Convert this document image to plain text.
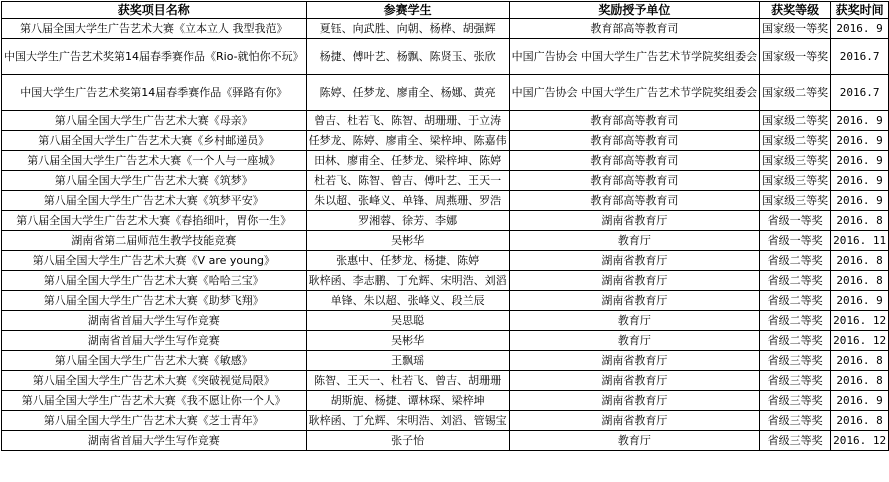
获奖项目名称	参赛学生	奖励授予单位	获奖等级	获奖时间
第八届全国大学生广告艺术大赛《立本立人 我型我范》	夏钰、向武胜、向朝、杨桦、胡强辉	教育部高等教育司	国家级一等奖	2016. 9
中国大学生广告艺术奖第14届春季赛作品《Rio-就怕你不玩》	杨捷、傅叶艺、杨飘、陈贤玉、张欣	中国广告协会 中国大学生广告艺术节学院奖组委会	国家级一等奖	2016.7
中国大学生广告艺术奖第14届春季赛作品《驿路有你》	陈婷、任梦龙、廖甫全、杨娜、黄亮	中国广告协会 中国大学生广告艺术节学院奖组委会	国家级二等奖	2016.7
第八届全国大学生广告艺术大赛《母亲》	曾吉、杜若飞、陈智、胡珊珊、于立涛	教育部高等教育司	国家级二等奖	2016. 9
第八届全国大学生广告艺术大赛《乡村邮递员》	任梦龙、陈婷、廖甫全、梁梓坤、陈嘉伟	教育部高等教育司	国家级二等奖	2016. 9
第八届全国大学生广告艺术大赛《一个人与一座城》	田林、廖甫全、任梦龙、梁梓坤、陈婷	教育部高等教育司	国家级三等奖	2016. 9
第八届全国大学生广告艺术大赛《筑梦》	杜若飞、陈智、曾吉、傅叶艺、王天一	教育部高等教育司	国家级三等奖	2016. 9
第八届全国大学生广告艺术大赛《筑梦平安》	朱以超、张峰义、单锋、周燕珊、罗浩	教育部高等教育司	国家级三等奖	2016. 9
第八届全国大学生广告艺术大赛《春掐细叶，胃你一生》	罗湘蓉、徐芳、李娜	湖南省教育厅	省级一等奖	2016. 8
湖南省第二届师范生教学技能竞赛	吴彬华	教育厅	省级一等奖	2016. 11
第八届全国大学生广告艺术大赛《V are young》	张惠中、任梦龙、杨捷、陈婷	湖南省教育厅	省级二等奖	2016. 8
第八届全国大学生广告艺术大赛《哈哈三宝》	耿梓函、李志鹏、丁允辉、宋明浩、刘滔	湖南省教育厅	省级二等奖	2016. 8
第八届全国大学生广告艺术大赛《助梦飞翔》	单锋、朱以超、张峰义、段兰辰	湖南省教育厅	省级二等奖	2016. 9
湖南省首届大学生写作竞赛	吴思聪	教育厅	省级二等奖	2016. 12
湖南省首届大学生写作竞赛	吴彬华	教育厅	省级二等奖	2016. 12
第八届全国大学生广告艺术大赛《敏感》	王飘瑶	湖南省教育厅	省级三等奖	2016. 8
第八届全国大学生广告艺术大赛《突破视觉局限》	陈智、王天一、杜若飞、曾吉、胡珊珊	湖南省教育厅	省级三等奖	2016. 8
第八届全国大学生广告艺术大赛《我不愿让你一个人》	胡斯旎、杨捷、谭林琛、梁梓坤	湖南省教育厅	省级三等奖	2016. 9
第八届全国大学生广告艺术大赛《芝士青年》	耿梓函、丁允辉、宋明浩、刘滔、管锡宝	湖南省教育厅	省级三等奖	2016. 8
湖南省首届大学生写作竞赛	张子怡	教育厅	省级三等奖	2016. 12
